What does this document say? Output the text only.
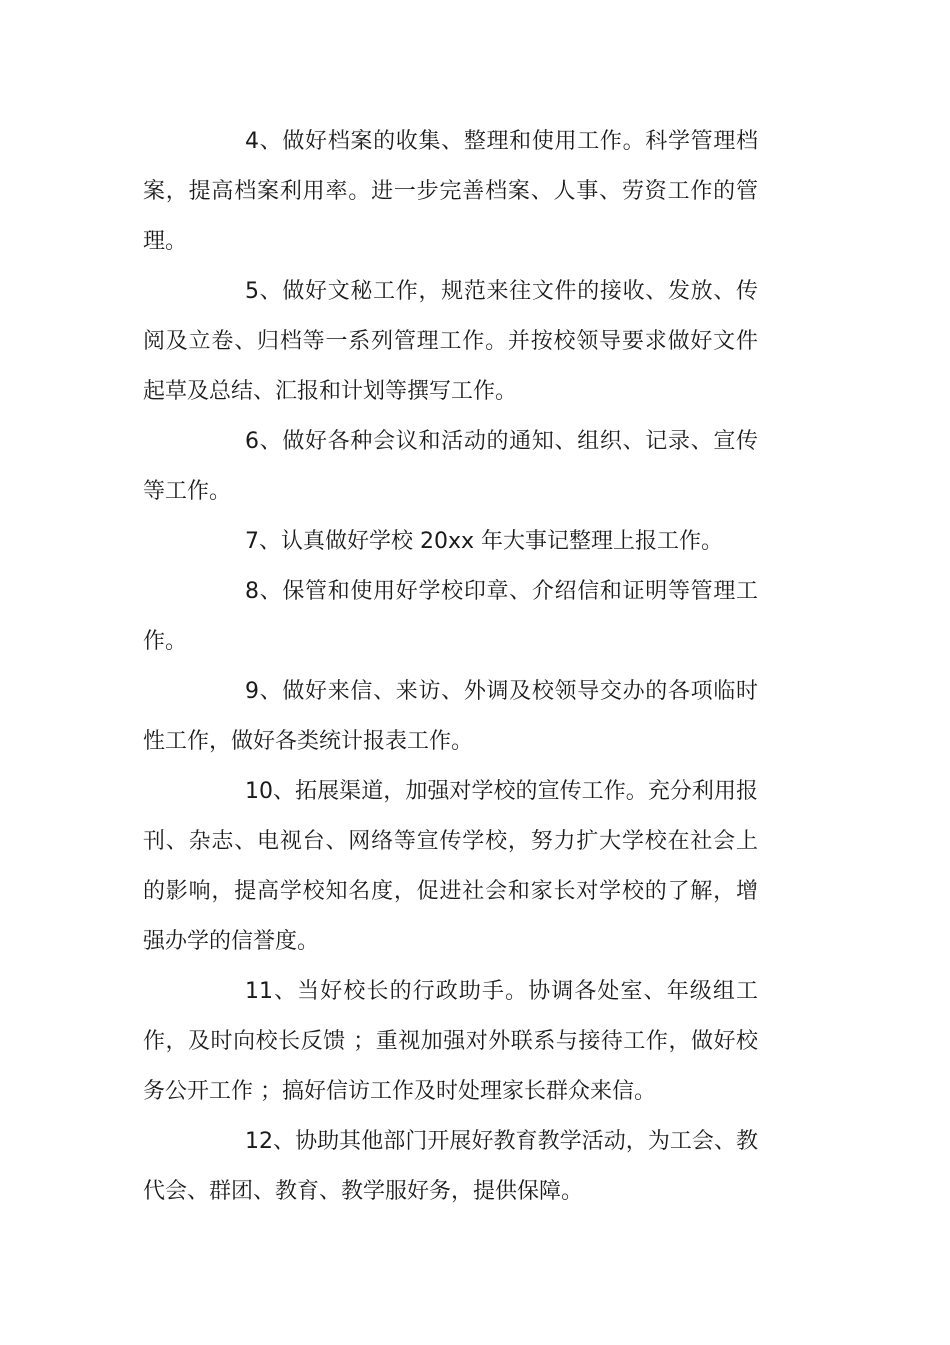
4、做好档案的收集、整理和使用工作。科学管理档案，提高档案利用率。进一步完善档案、人事、劳资工作的管理。

5、做好文秘工作，规范来往文件的接收、发放、传阅及立卷、归档等一系列管理工作。并按校领导要求做好文件起草及总结、汇报和计划等撰写工作。

6、做好各种会议和活动的通知、组织、记录、宣传等工作。

7、认真做好学校 20xx 年大事记整理上报工作。

8、保管和使用好学校印章、介绍信和证明等管理工作。

9、做好来信、来访、外调及校领导交办的各项临时性工作，做好各类统计报表工作。

10、拓展渠道，加强对学校的宣传工作。充分利用报刊、杂志、电视台、网络等宣传学校，努力扩大学校在社会上的影响，提高学校知名度，促进社会和家长对学校的了解，增强办学的信誉度。

11、当好校长的行政助手。协调各处室、年级组工作，及时向校长反馈 ；重视加强对外联系与接待工作，做好校务公开工作 ；搞好信访工作及时处理家长群众来信。

12、协助其他部门开展好教育教学活动，为工会、教代会、群团、教育、教学服好务，提供保障。
